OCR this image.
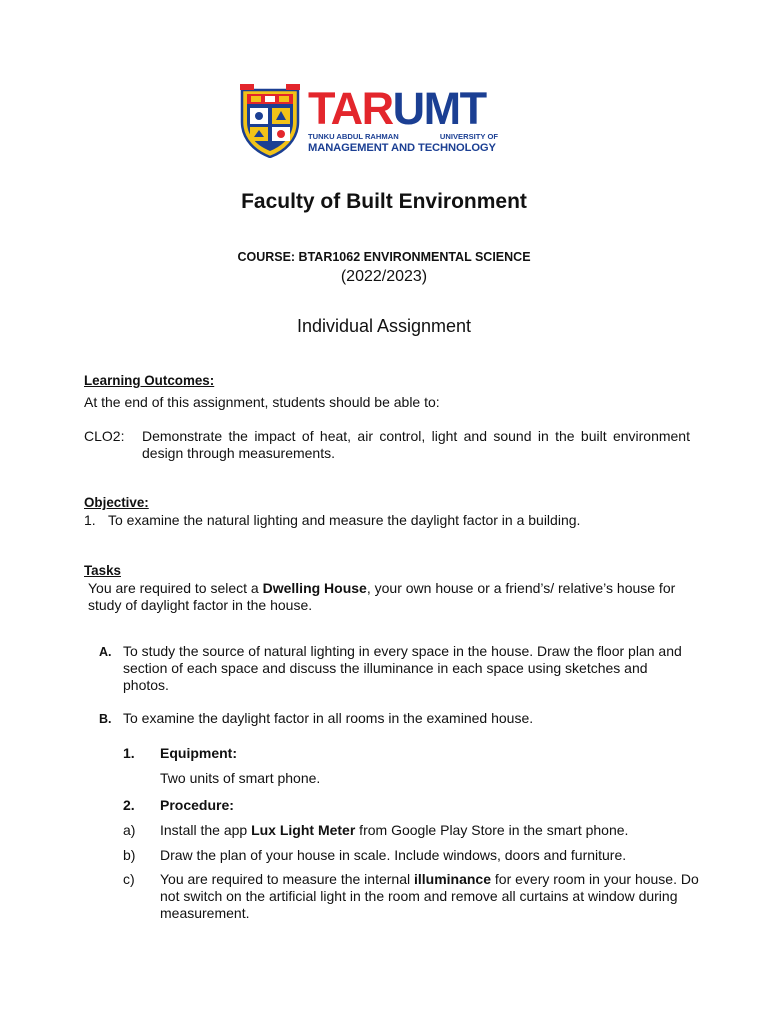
TARUMT
TUNKU ABDUL RAHMAN	UNIVERSITY OF
MANAGEMENT AND TECHNOLOGY
Faculty of Built Environment
COURSE: BTAR1062 ENVIRONMENTAL SCIENCE
(2022/2023)
Individual Assignment
Learning Outcomes:
At the end of this assignment, students should be able to:
CLO2: Demonstrate the impact of heat, air control, light and sound in the built environment design through measurements.
Objective:
1. To examine the natural lighting and measure the daylight factor in a building.
Tasks
You are required to select a Dwelling House, your own house or a friend’s/ relative’s house for study of daylight factor in the house.
A. To study the source of natural lighting in every space in the house. Draw the floor plan and section of each space and discuss the illuminance in each space using sketches and photos.
B. To examine the daylight factor in all rooms in the examined house.
1. Equipment:
Two units of smart phone.
2. Procedure:
a) Install the app Lux Light Meter from Google Play Store in the smart phone.
b) Draw the plan of your house in scale. Include windows, doors and furniture.
c) You are required to measure the internal illuminance for every room in your house. Do not switch on the artificial light in the room and remove all curtains at window during measurement.
